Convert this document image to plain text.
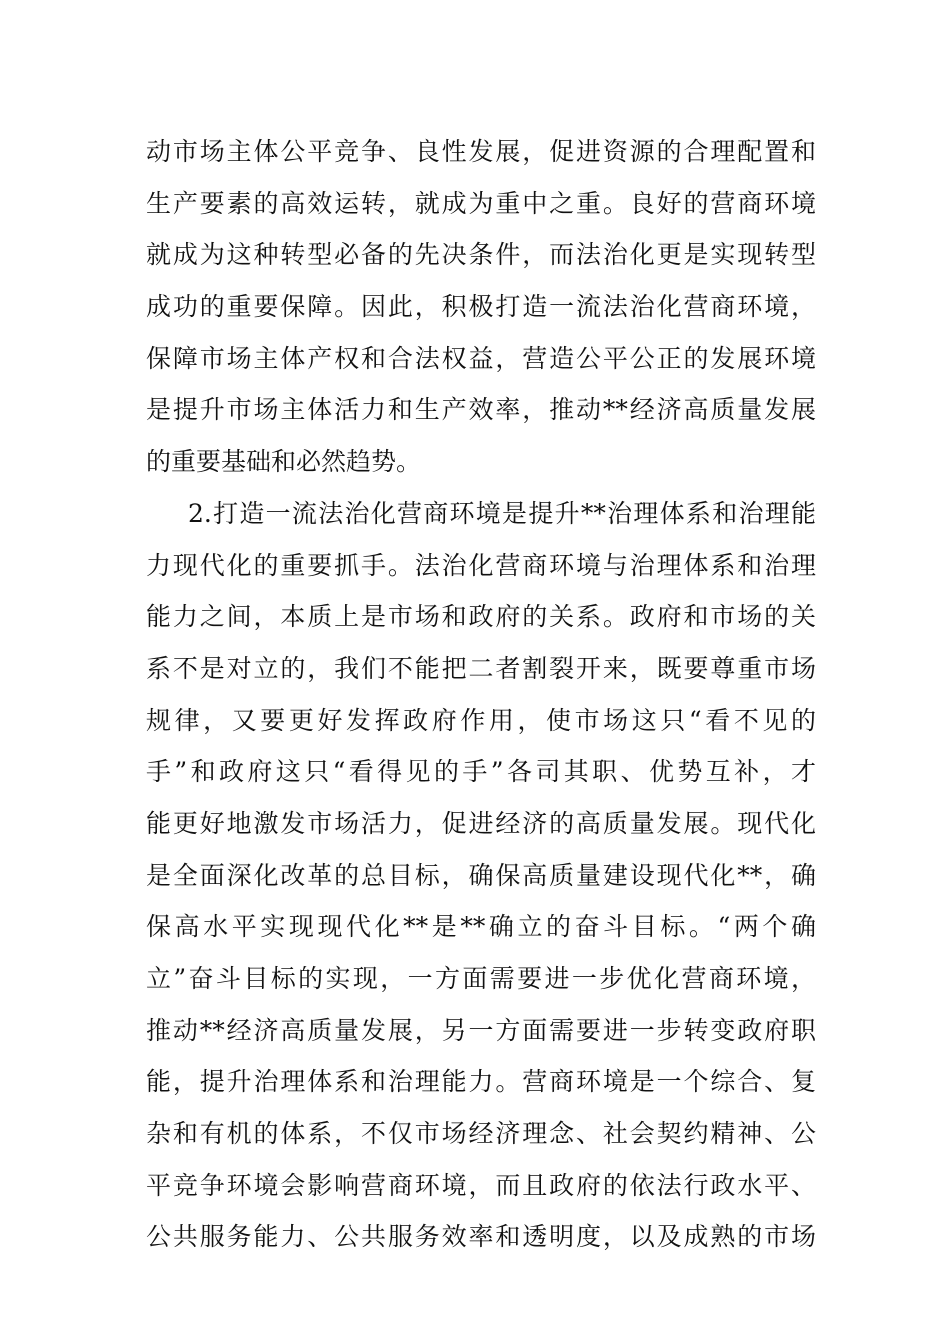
动市场主体公平竞争、良性发展，促进资源的合理配置和
生产要素的高效运转，就成为重中之重。良好的营商环境
就成为这种转型必备的先决条件，而法治化更是实现转型
成功的重要保障。因此，积极打造一流法治化营商环境，
保障市场主体产权和合法权益，营造公平公正的发展环境
是提升市场主体活力和生产效率，推动**经济高质量发展
的重要基础和必然趋势。
2.打造一流法治化营商环境是提升**治理体系和治理能
力现代化的重要抓手。法治化营商环境与治理体系和治理
能力之间，本质上是市场和政府的关系。政府和市场的关
系不是对立的，我们不能把二者割裂开来，既要尊重市场
规律，又要更好发挥政府作用，使市场这只“看不见的
手”和政府这只“看得见的手”各司其职、优势互补，才
能更好地激发市场活力，促进经济的高质量发展。现代化
是全面深化改革的总目标，确保高质量建设现代化**，确
保高水平实现现代化**是**确立的奋斗目标。“两个确
立”奋斗目标的实现，一方面需要进一步优化营商环境，
推动**经济高质量发展，另一方面需要进一步转变政府职
能，提升治理体系和治理能力。营商环境是一个综合、复
杂和有机的体系，不仅市场经济理念、社会契约精神、公
平竞争环境会影响营商环境，而且政府的依法行政水平、
公共服务能力、公共服务效率和透明度，以及成熟的市场
